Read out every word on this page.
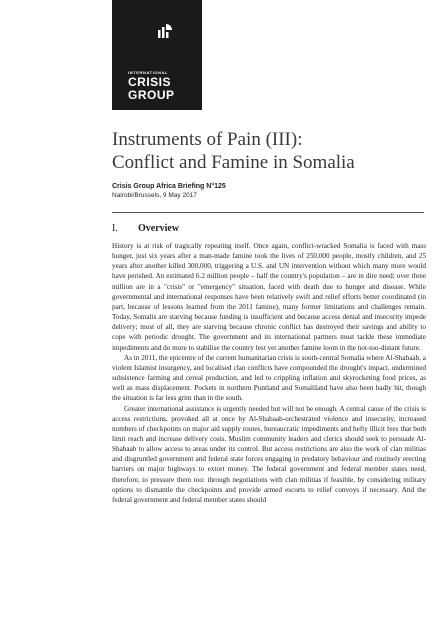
INTERNATIONAL
CRISIS
GROUP
Instruments of Pain (III):
Conflict and Famine in Somalia
Crisis Group Africa Briefing N°125
Nairobi/Brussels, 9 May 2017
I. Overview

History is at risk of tragically repeating itself. Once again, conflict-wracked Somalia is faced with mass hunger, just six years after a man-made famine took the lives of 250,000 people, mostly children, and 25 years after another killed 300,000, triggering a U.S. and UN intervention without which many more would have perished. An estimated 6.2 million people – half the country's population – are in dire need; over three million are in a "crisis" or "emergency" situation, faced with death due to hunger and disease. While governmental and international responses have been relatively swift and relief efforts better coordinated (in part, because of lessons learned from the 2011 famine), many former limitations and challenges remain. Today, Somalis are starving because funding is insufficient and because access denial and insecurity impede delivery; most of all, they are starving because chronic conflict has destroyed their savings and ability to cope with periodic drought. The government and its international partners must tackle these immediate impediments and do more to stabilise the country lest yet another famine loom in the not-too-distant future.

As in 2011, the epicentre of the current humanitarian crisis is south-central Somalia where Al-Shabaab, a violent Islamist insurgency, and localised clan conflicts have compounded the drought's impact, undermined subsistence farming and cereal production, and led to crippling inflation and skyrocketing food prices, as well as mass displacement. Pockets in northern Puntland and Somaliland have also been badly hit, though the situation is far less grim than in the south.

Greater international assistance is urgently needed but will not be enough. A central cause of the crisis is access restrictions, provoked all at once by Al-Shabaab-orchestrated violence and insecurity, increased numbers of checkpoints on major aid supply routes, bureaucratic impediments and hefty illicit fees that both limit reach and increase delivery costs. Muslim community leaders and clerics should seek to persuade Al-Shabaab to allow access to areas under its control. But access restrictions are also the work of clan militias and disgruntled government and federal state forces engaging in predatory behaviour and routinely erecting barriers on major highways to extort money. The federal government and federal member states need, therefore, to pressure them too: through negotiations with clan militias if feasible, by considering military options to dismantle the checkpoints and provide armed escorts to relief convoys if necessary. And the federal government and federal member states should
